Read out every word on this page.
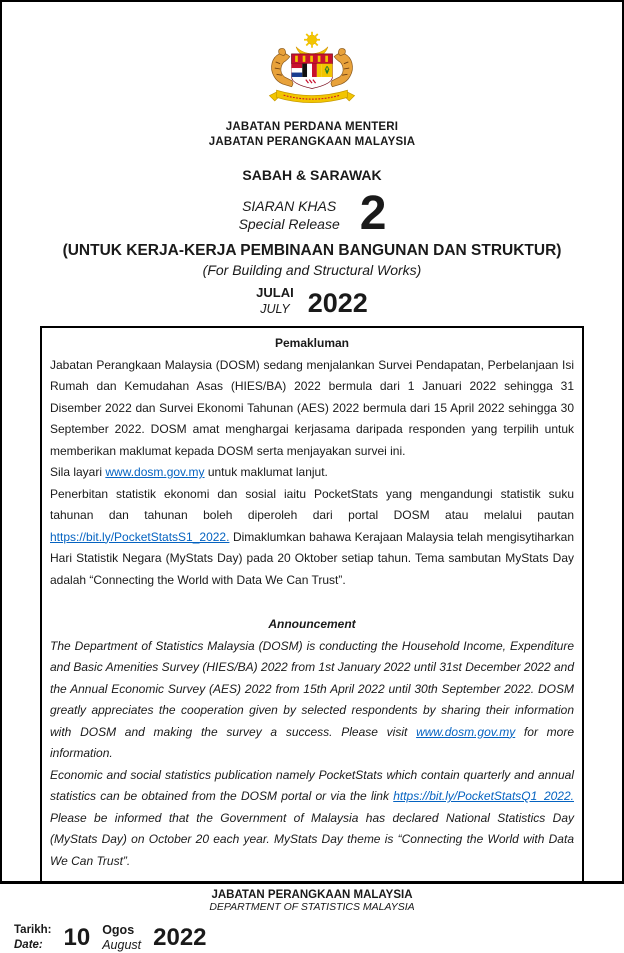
JABATAN PERDANA MENTERI
JABATAN PERANGKAAN MALAYSIA
SABAH & SARAWAK
SIARAN KHAS
Special Release 2
(UNTUK KERJA-KERJA PEMBINAAN BANGUNAN DAN STRUKTUR)
(For Building and Structural Works)
JULAI
JULY 2022
Pemakluman

Jabatan Perangkaan Malaysia (DOSM) sedang menjalankan Survei Pendapatan, Perbelanjaan Isi Rumah dan Kemudahan Asas (HIES/BA) 2022 bermula dari 1 Januari 2022 sehingga 31 Disember 2022 dan Survei Ekonomi Tahunan (AES) 2022 bermula dari 15 April 2022 sehingga 30 September 2022. DOSM amat menghargai kerjasama daripada responden yang terpilih untuk memberikan maklumat kepada DOSM serta menjayakan survei ini.

Sila layari www.dosm.gov.my untuk maklumat lanjut.

Penerbitan statistik ekonomi dan sosial iaitu PocketStats yang mengandungi statistik suku tahunan dan tahunan boleh diperoleh dari portal DOSM atau melalui pautan https://bit.ly/PocketStatsS1_2022. Dimaklumkan bahawa Kerajaan Malaysia telah mengisytiharkan Hari Statistik Negara (MyStats Day) pada 20 Oktober setiap tahun. Tema sambutan MyStats Day adalah “Connecting the World with Data We Can Trust”.

Announcement

The Department of Statistics Malaysia (DOSM) is conducting the Household Income, Expenditure and Basic Amenities Survey (HIES/BA) 2022 from 1st January 2022 until 31st December 2022 and the Annual Economic Survey (AES) 2022 from 15th April 2022 until 30th September 2022. DOSM greatly appreciates the cooperation given by selected respondents by sharing their information with DOSM and making the survey a success. Please visit www.dosm.gov.my for more information.

Economic and social statistics publication namely PocketStats which contain quarterly and annual statistics can be obtained from the DOSM portal or via the link https://bit.ly/PocketStatsQ1_2022. Please be informed that the Government of Malaysia has declared National Statistics Day (MyStats Day) on October 20 each year. MyStats Day theme is “Connecting the World with Data We Can Trust”.

JABATAN PERANGKAAN MALAYSIA
DEPARTMENT OF STATISTICS MALAYSIA
Tarikh:
Date: 10 Ogos
August 2022
